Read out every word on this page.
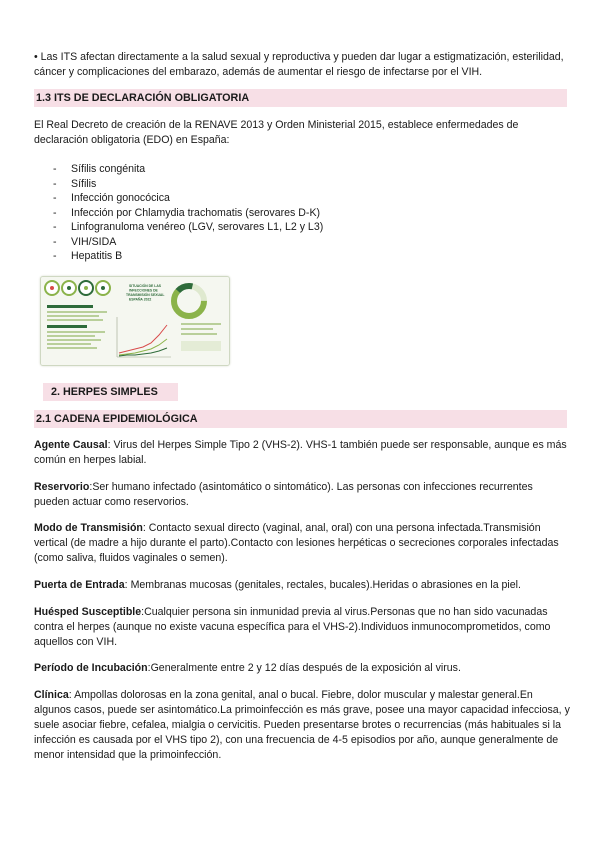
• Las ITS afectan directamente a la salud sexual y reproductiva y pueden dar lugar a estigmatización, esterilidad, cáncer y complicaciones del embarazo, además de aumentar el riesgo de infectarse por el VIH.

1.3 ITS DE DECLARACIÓN OBLIGATORIA

El Real Decreto de creación de la RENAVE 2013 y Orden Ministerial 2015, establece enfermedades de declaración obligatoria (EDO) en España:

- Sífilis congénita
- Sífilis
- Infección gonocócica
- Infección por Chlamydia trachomatis (serovares D-K)
- Linfogranuloma venéreo (LGV, serovares L1, L2 y L3)
- VIH/SIDA
- Hepatitis B
SITUACIÓN DE LAS
INFECCIONES DE
TRANSMISIÓN SEXUAL
ESPAÑA 2022
2. HERPES SIMPLES
2.1 CADENA EPIDEMIOLÓGICA

Agente Causal: Virus del Herpes Simple Tipo 2 (VHS-2). VHS-1 también puede ser responsable, aunque es más común en herpes labial.

Reservorio:Ser humano infectado (asintomático o sintomático). Las personas con infecciones recurrentes pueden actuar como reservorios.

Modo de Transmisión: Contacto sexual directo (vaginal, anal, oral) con una persona infectada.Transmisión vertical (de madre a hijo durante el parto).Contacto con lesiones herpéticas o secreciones corporales infectadas (como saliva, fluidos vaginales o semen).

Puerta de Entrada: Membranas mucosas (genitales, rectales, bucales).Heridas o abrasiones en la piel.

Huésped Susceptible:Cualquier persona sin inmunidad previa al virus.Personas que no han sido vacunadas contra el herpes (aunque no existe vacuna específica para el VHS-2).Individuos inmunocomprometidos, como aquellos con VIH.

Período de Incubación:Generalmente entre 2 y 12 días después de la exposición al virus.

Clínica: Ampollas dolorosas en la zona genital, anal o bucal. Fiebre, dolor muscular y malestar general.En algunos casos, puede ser asintomático.La primoinfección es más grave, posee una mayor capacidad infecciosa, y suele asociar fiebre, cefalea, mialgia o cervicitis. Pueden presentarse brotes o recurrencias (más habituales si la infección es causada por el VHS tipo 2), con una frecuencia de 4-5 episodios por año, aunque generalmente de menor intensidad que la primoinfección.
